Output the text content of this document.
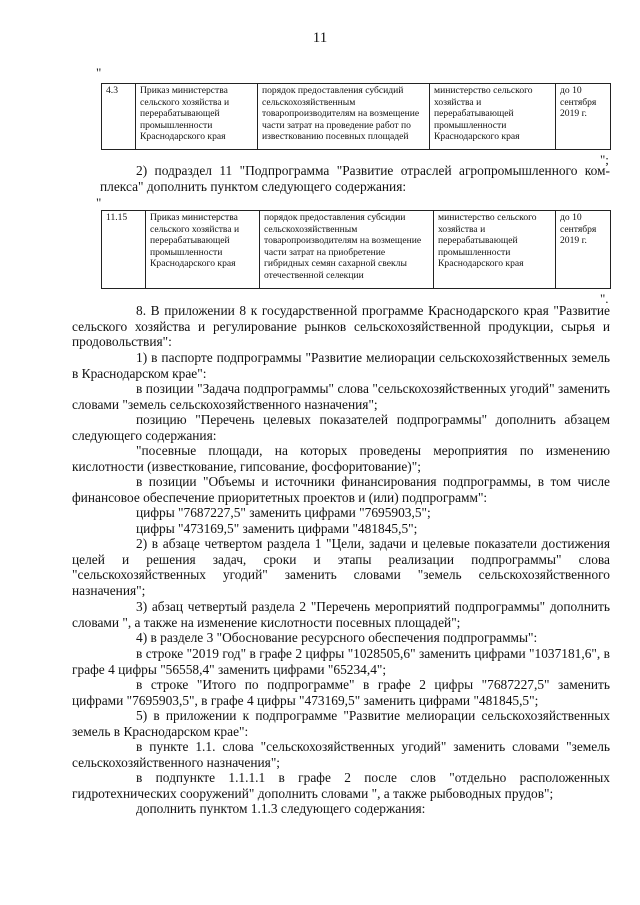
11
"
4.3	Приказ министерства сельского хозяйства и перерабатывающей промышленности Краснодарского края	порядок предоставления субсидий сельскохозяйственным товаропроизводителям на возмещение части затрат на проведение работ по известкованию посевных площадей	министерство сельского хозяйства и перерабатывающей промышленности Краснодарского края	до 10 сентября 2019 г.
";
2) подраздел 11 "Подпрограмма "Развитие отраслей агропромышленного ком-
плекса" дополнить пунктом следующего содержания:
"
11.15	Приказ министерства сельского хозяйства и перерабатывающей промышленности Краснодарского края	порядок предоставления субсидии сельскохозяйственным товаропроизводителям на возмещение части затрат на приобретение гибридных семян сахарной свеклы отечественной селекции	министерство сельского хозяйства и перерабатывающей промышленности Краснодарского края	до 10 сентября 2019 г.
".
8. В приложении 8 к государственной программе Краснодарского края "Развитие сельского хозяйства и регулирование рынков сельскохозяйственной продукции, сырья и продовольствия":
1) в паспорте подпрограммы "Развитие мелиорации сельскохозяйственных земель в Краснодарском крае":
в позиции "Задача подпрограммы" слова "сельскохозяйственных угодий" заменить словами "земель сельскохозяйственного назначения";
позицию "Перечень целевых показателей подпрограммы" дополнить абзацем следующего содержания:
"посевные площади, на которых проведены мероприятия по изменению кислотности (известкование, гипсование, фосфоритование)";
в позиции "Объемы и источники финансирования подпрограммы, в том числе финансовое обеспечение приоритетных проектов и (или) подпрограмм":
цифры "7687227,5" заменить цифрами "7695903,5";
цифры "473169,5" заменить цифрами "481845,5";
2) в абзаце четвертом раздела 1 "Цели, задачи и целевые показатели достижения целей и решения задач, сроки и этапы реализации подпрограммы" слова "сельскохозяйственных угодий" заменить словами "земель сельскохозяйственного назначения";
3) абзац четвертый раздела 2 "Перечень мероприятий подпрограммы" дополнить словами ", а также на изменение кислотности посевных площадей";
4) в разделе 3 "Обоснование ресурсного обеспечения подпрограммы":
в строке "2019 год" в графе 2 цифры "1028505,6" заменить цифрами "1037181,6", в графе 4 цифры "56558,4" заменить цифрами "65234,4";
в строке "Итого по подпрограмме" в графе 2 цифры "7687227,5" заменить цифрами "7695903,5", в графе 4 цифры "473169,5" заменить цифрами "481845,5";
5) в приложении к подпрограмме "Развитие мелиорации сельскохозяйственных земель в Краснодарском крае":
в пункте 1.1. слова "сельскохозяйственных угодий" заменить словами "земель сельскохозяйственного назначения";
в подпункте 1.1.1.1 в графе 2 после слов "отдельно расположенных гидротехнических сооружений" дополнить словами ", а также рыбоводных прудов";
дополнить пунктом 1.1.3 следующего содержания:
